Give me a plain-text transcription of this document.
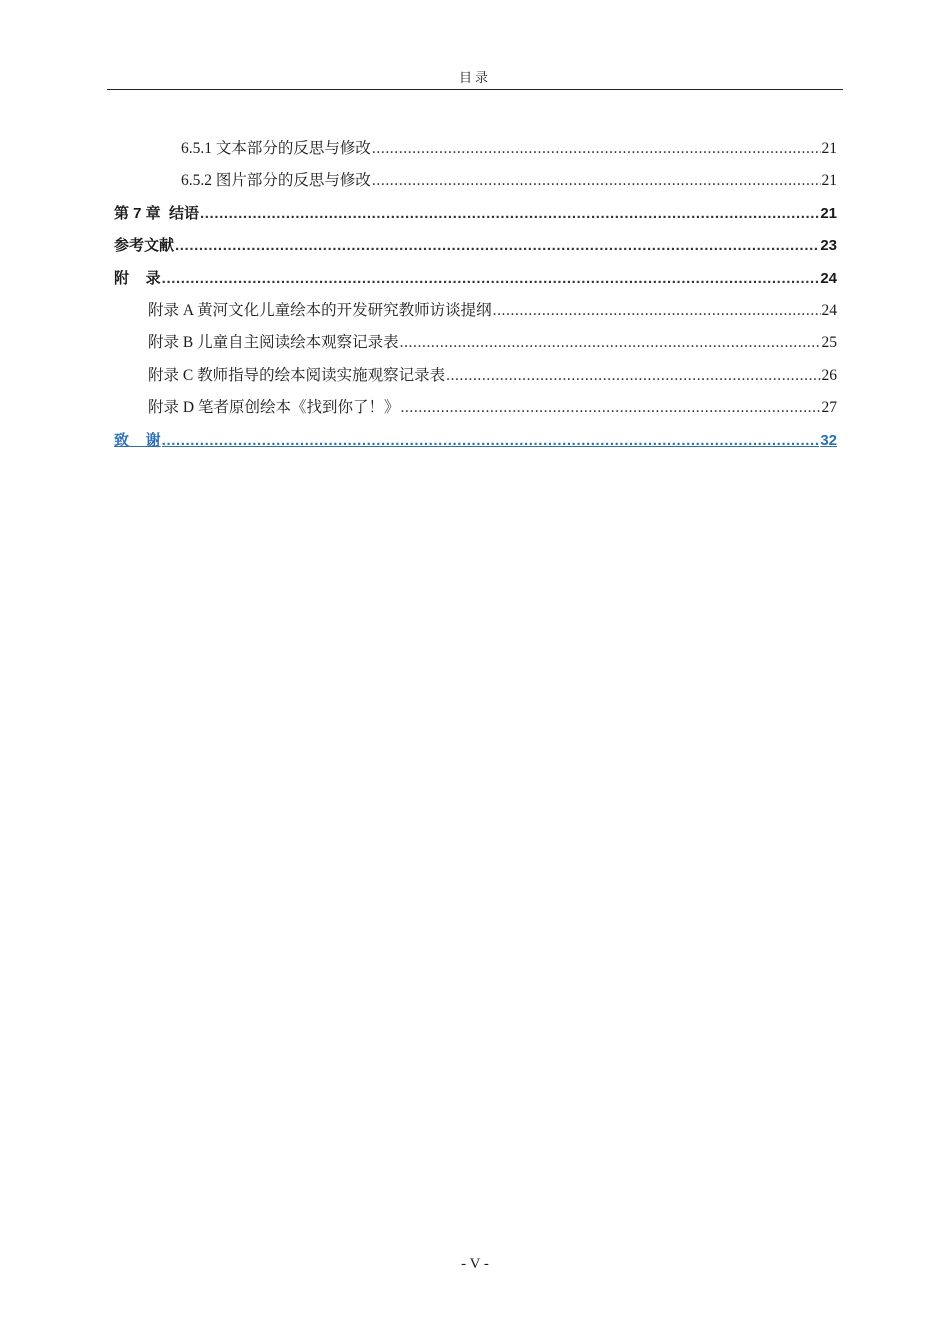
目录
6.5.1 文本部分的反思与修改 .....	21
6.5.2 图片部分的反思与修改 .....	21
第 7 章  结语 .....	21
参考文献 .....	23
附    录 .....	24
附录 A 黄河文化儿童绘本的开发研究教师访谈提纲 .....	24
附录 B 儿童自主阅读绘本观察记录表 .....	25
附录 C 教师指导的绘本阅读实施观察记录表 .....	26
附录 D 笔者原创绘本《找到你了！》 .....	27
致    谢 .....	32
- V -
